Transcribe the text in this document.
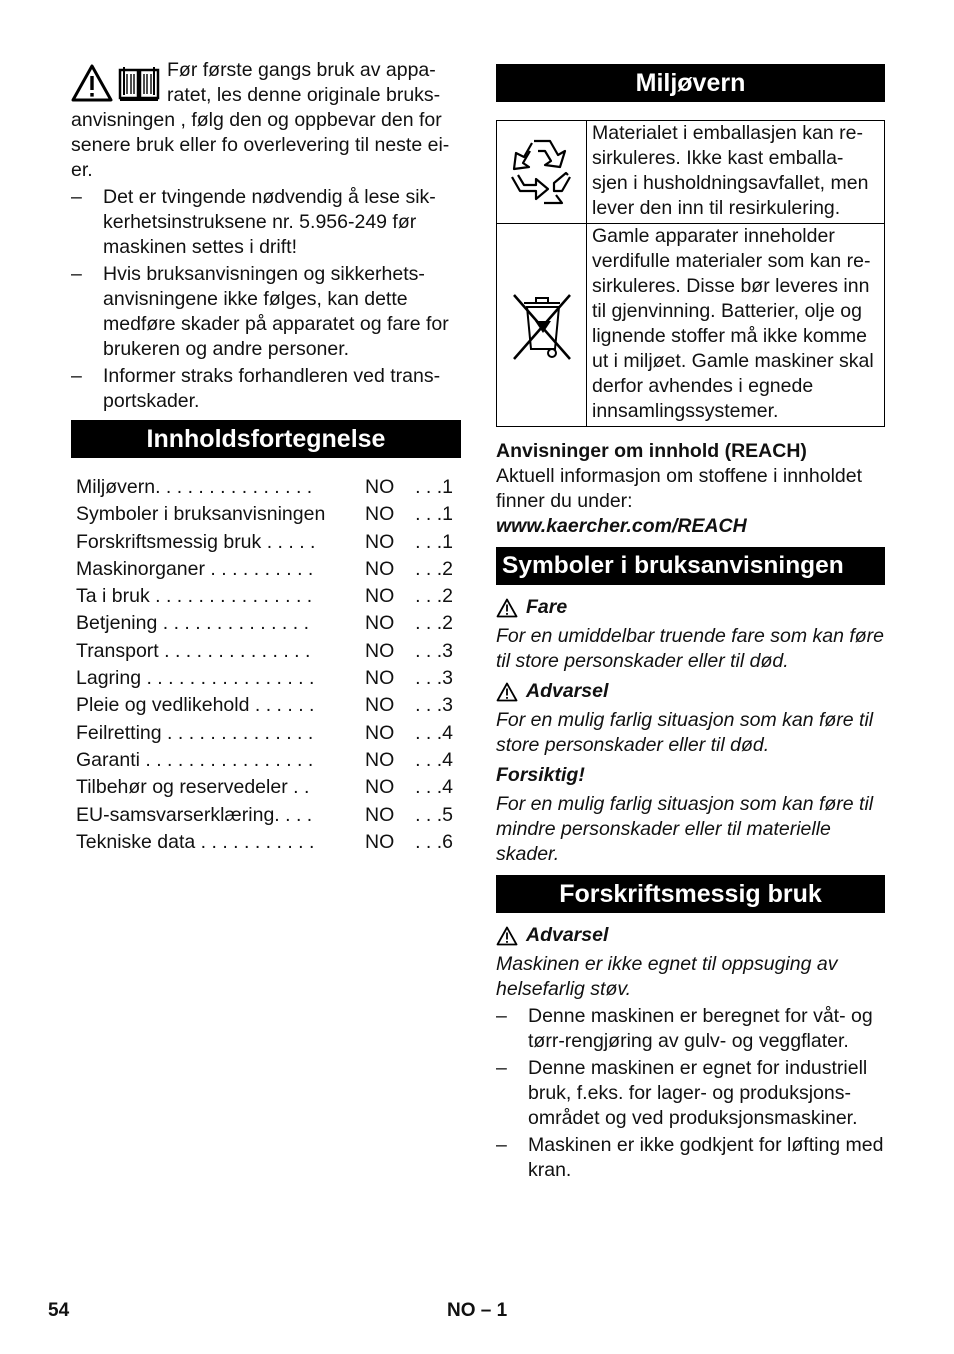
Før første gangs bruk av appa-

ratet, les denne originale bruks-

anvisningen , følg den og oppbevar den for

senere bruk eller fo overlevering til neste ei-

er.

– Det er tvingende nødvendig å lese sik- kerhetsinstruksene nr. 5.956-249 før maskinen settes i drift!
– Hvis bruksanvisningen og sikkerhets- anvisningene ikke følges, kan dette medføre skader på apparatet og fare for brukeren og andre personer.
– Informer straks forhandleren ved trans- portskader.
Innholdsfortegnelse
Miljøvern. . . . . . . . . . . . . . .	NO	. . .1
Symboler i bruksanvisningen	NO	. . .1
Forskriftsmessig bruk . . . . .	NO	. . .1
Maskinorganer . . . . . . . . . .	NO	. . .2
Ta i bruk . . . . . . . . . . . . . . .	NO	. . .2
Betjening . . . . . . . . . . . . . .	NO	. . .2
Transport . . . . . . . . . . . . . .	NO	. . .3
Lagring . . . . . . . . . . . . . . . .	NO	. . .3
Pleie og vedlikehold . . . . . .	NO	. . .3
Feilretting . . . . . . . . . . . . . .	NO	. . .4
Garanti . . . . . . . . . . . . . . . .	NO	. . .4
Tilbehør og reservedeler . .	NO	. . .4
EU-samsvarserklæring. . . .	NO	. . .5
Tekniske data . . . . . . . . . . .	NO	. . .6
Miljøvern
Materialet i emballasjen kan re- sirkuleres. Ikke kast emballa- sjen i husholdningsavfallet, men lever den inn til resirkulering.
Gamle apparater inneholder verdifulle materialer som kan re- sirkuleres. Disse bør leveres inn til gjenvinning. Batterier, olje og lignende stoffer må ikke komme ut i miljøet. Gamle maskiner skal derfor avhendes i egnede innsamlingssystemer.

Anvisninger om innhold (REACH)

Aktuell informasjon om stoffene i innholdet finner du under:

www.kaercher.com/REACH

Symboler i bruksanvisningen
Fare

For en umiddelbar truende fare som kan føre til store personskader eller til død.

Advarsel

For en mulig farlig situasjon som kan føre til store personskader eller til død.

Forsiktig!

For en mulig farlig situasjon som kan føre til mindre personskader eller til materielle skader.

Forskriftsmessig bruk
Advarsel

Maskinen er ikke egnet til oppsuging av helsefarlig støv.

– Denne maskinen er beregnet for våt- og tørr-rengjøring av gulv- og veggflater.
– Denne maskinen er egnet for industriell bruk, f.eks. for lager- og produksjons- området og ved produksjonsmaskiner.
– Maskinen er ikke godkjent for løfting med kran.
54	NO – 1
